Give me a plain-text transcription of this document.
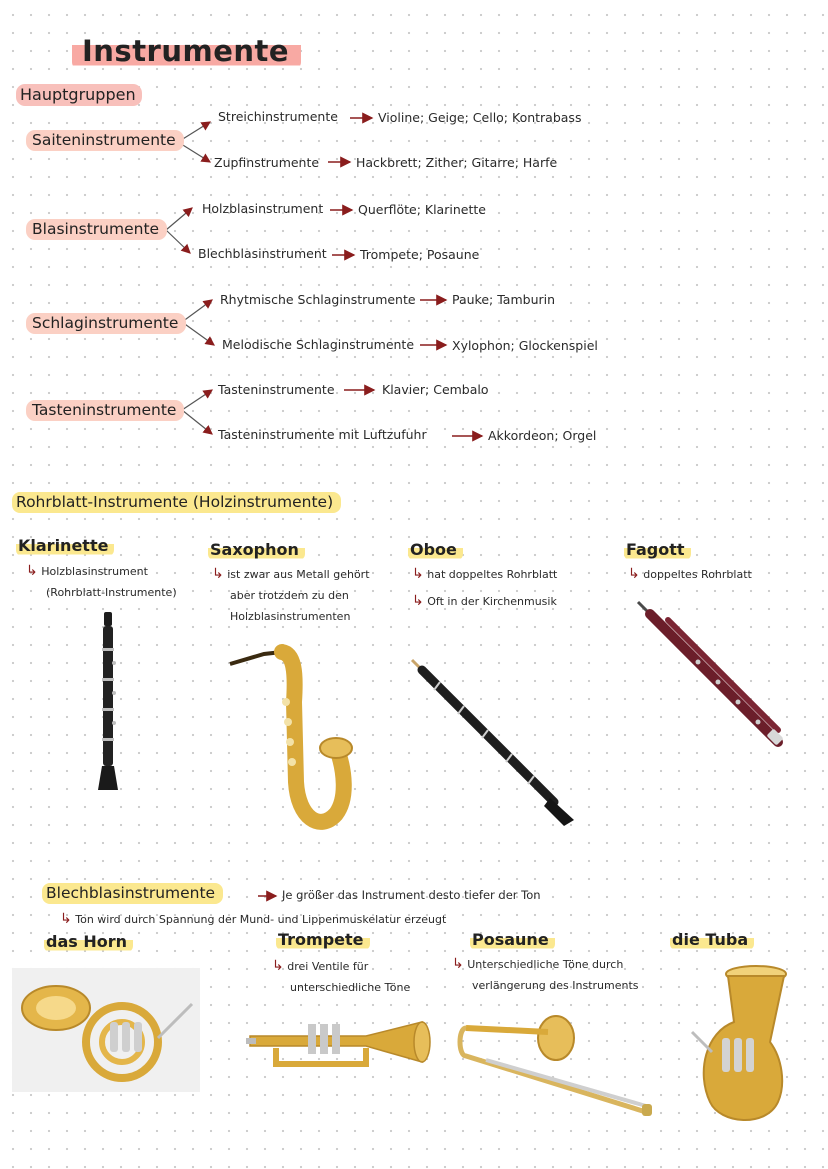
Instrumente
Hauptgruppen
Saiteninstrumente
Streichinstrumente	Violine; Geige; Cello; Kontrabass
Zupfinstrumente	Hackbrett; Zither; Gitarre; Harfe
Blasinstrumente
Holzblasinstrument	Querflöte; Klarinette
Blechblasinstrument	Trompete; Posaune
Schlaginstrumente
Rhytmische Schlaginstrumente	Pauke; Tamburin
Melodische Schlaginstrumente	Xylophon; Glockenspiel
Tasteninstrumente
Tasteninstrumente	Klavier; Cembalo
Tasteninstrumente mit Luftzufuhr	Akkordeon; Orgel
Rohrblatt-Instrumente (Holzinstrumente)
Klarinette
↳ Holzblasinstrument
(Rohrblatt-Instrumente)
Saxophon
↳ ist zwar aus Metall gehört
aber trotzdem zu den
Holzblasinstrumenten
Oboe
↳ hat doppeltes Rohrblatt
↳ Oft in der Kirchenmusik
Fagott
↳ doppeltes Rohrblatt
Blechblasinstrumente	Je größer das Instrument desto tiefer der Ton
↳ Ton wird durch Spannung der Mund- und Lippenmuskelatur erzeugt
das Horn	Trompete
↳ drei Ventile für
unterschiedliche Töne
Posaune
↳ Unterschiedliche Töne durch
verlängerung des Instruments
die Tuba
